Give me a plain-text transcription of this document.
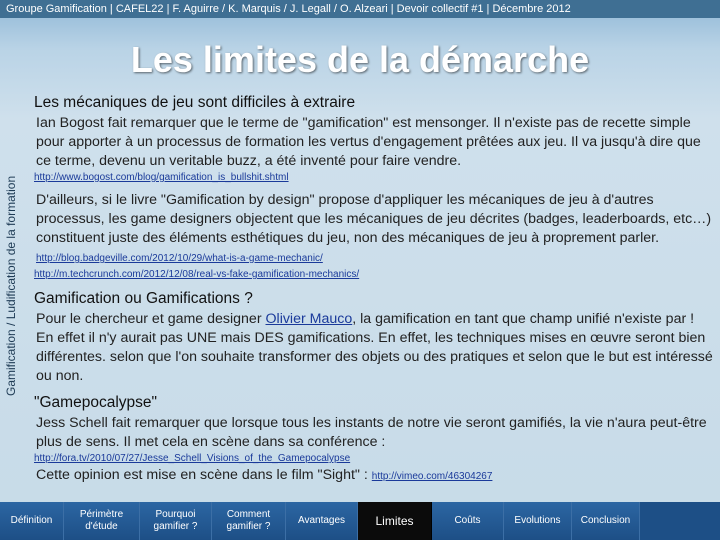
Groupe Gamification | CAFEL22 | F. Aguirre / K. Marquis / J. Legall / O. Alzeari | Devoir collectif #1 | Décembre 2012
Les limites de la démarche
Gamification / Ludification de la formation
Les mécaniques de jeu sont difficiles à extraire
Ian Bogost fait remarquer que le terme de "gamification" est mensonger. Il n'existe pas de recette simple pour apporter à un processus de formation les vertus d'engagement prêtées aux jeu. Il va jusqu'à dire que ce terme, devenu un veritable buzz, a été inventé pour faire vendre.
http://www.bogost.com/blog/gamification_is_bullshit.shtml
D'ailleurs, si le livre "Gamification by design" propose d'appliquer les mécaniques de jeu à d'autres processus, les game designers objectent que les mécaniques de jeu décrites (badges, leaderboards, etc…) constituent juste des éléments esthétiques du jeu, non des mécaniques de jeu à proprement parler. http://blog.badgeville.com/2012/10/29/what-is-a-game-mechanic/
http://m.techcrunch.com/2012/12/08/real-vs-fake-gamification-mechanics/
Gamification ou Gamifications ?
Pour le chercheur et game designer Olivier Mauco, la gamification en tant que champ unifié n'existe par ! En effet il n'y aurait pas UNE mais DES gamifications. En effet, les techniques mises en œuvre seront bien différentes. selon que l'on souhaite transformer des objets ou des pratiques et selon que le but est intéressé ou non.
"Gamepocalypse"
Jess Schell fait remarquer que lorsque tous les instants de notre vie seront gamifiés, la vie n'aura peut-être plus de sens. Il met cela en scène dans sa conférence :
http://fora.tv/2010/07/27/Jesse_Schell_Visions_of_the_Gamepocalypse
Cette opinion est mise en scène dans le film "Sight" : http://vimeo.com/46304267
Définition
Périmètre d'étude
Pourquoi gamifier ?
Comment gamifier ?
Avantages	Limites	Coûts	Evolutions	Conclusion
